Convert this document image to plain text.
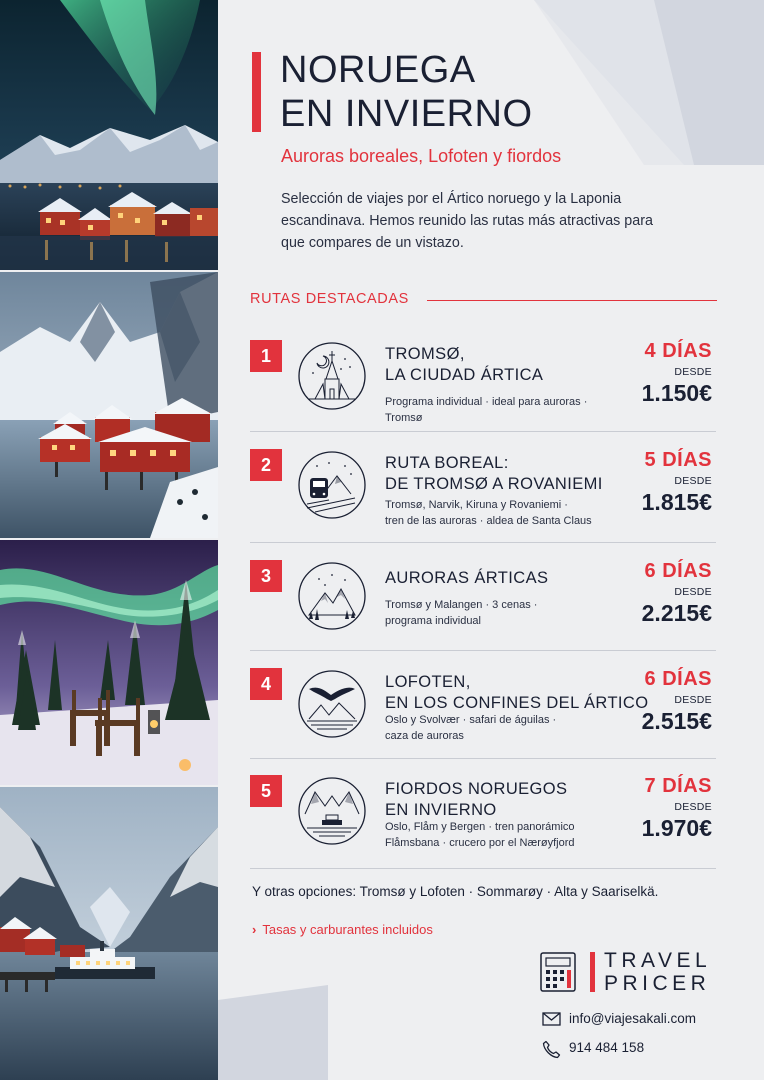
NORUEGA
EN INVIERNO
Auroras boreales, Lofoten y fiordos
Selección de viajes por el Ártico noruego y la Laponia escandinava. Hemos reunido las rutas más atractivas para que compares de un vistazo.
RUTAS DESTACADAS
1	TROMSØ,
LA CIUDAD ÁRTICA
Programa individual · ideal para auroras · Tromsø
4 DÍAS
DESDE
1.150€
2	RUTA BOREAL:
DE TROMSØ A ROVANIEMI
Tromsø, Narvik, Kiruna y Rovaniemi ·
tren de las auroras · aldea de Santa Claus
5 DÍAS
DESDE
1.815€
3	AURORAS ÁRTICAS
Tromsø y Malangen · 3 cenas ·
programa individual
6 DÍAS
DESDE
2.215€
4	LOFOTEN,
EN LOS CONFINES DEL ÁRTICO
Oslo y Svolvær · safari de águilas ·
caza de auroras
6 DÍAS
DESDE
2.515€
5	FIORDOS NORUEGOS
EN INVIERNO
Oslo, Flåm y Bergen · tren panorámico
Flåmsbana · crucero por el Nærøyfjord
7 DÍAS
DESDE
1.970€
Y otras opciones: Tromsø y Lofoten · Sommarøy · Alta y Saariselkä.
› Tasas y carburantes incluidos
TRAVEL
PRICER
info@viajesakali.com
914 484 158
